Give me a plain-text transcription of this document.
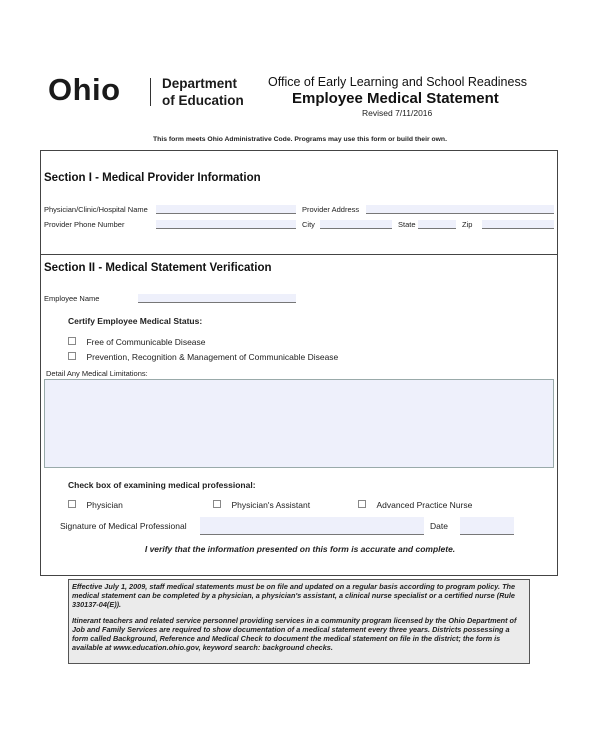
Ohio	Department
of Education
Office of Early Learning and School Readiness
Employee Medical Statement
Revised 7/11/2016
This form meets Ohio Administrative Code. Programs may use this form or build their own.
Section I - Medical Provider Information
Physician/Clinic/Hospital Name	Provider Address
Provider Phone Number	City	State	Zip
Section II - Medical Statement Verification
Employee Name
Certify Employee Medical Status:
Free of Communicable Disease
Prevention, Recognition & Management of Communicable Disease
Detail Any Medical Limitations:
Check box of examining medical professional:
Physician	Physician's Assistant	Advanced Practice Nurse
Signature of Medical Professional	Date
I verify that the information presented on this form is accurate and complete.

Effective July 1, 2009, staff medical statements must be on file and updated on a regular basis according to program policy. The medical statement can be completed by a physician, a physician's assistant, a clinical nurse specialist or a certified nurse (Rule 330137-04(E)).

Itinerant teachers and related service personnel providing services in a community program licensed by the Ohio Department of Job and Family Services are required to show documentation of a medical statement every three years. Districts possessing a form called Background, Reference and Medical Check to document the medical statement on file in the district; the form is available at www.education.ohio.gov, keyword search: background checks.
